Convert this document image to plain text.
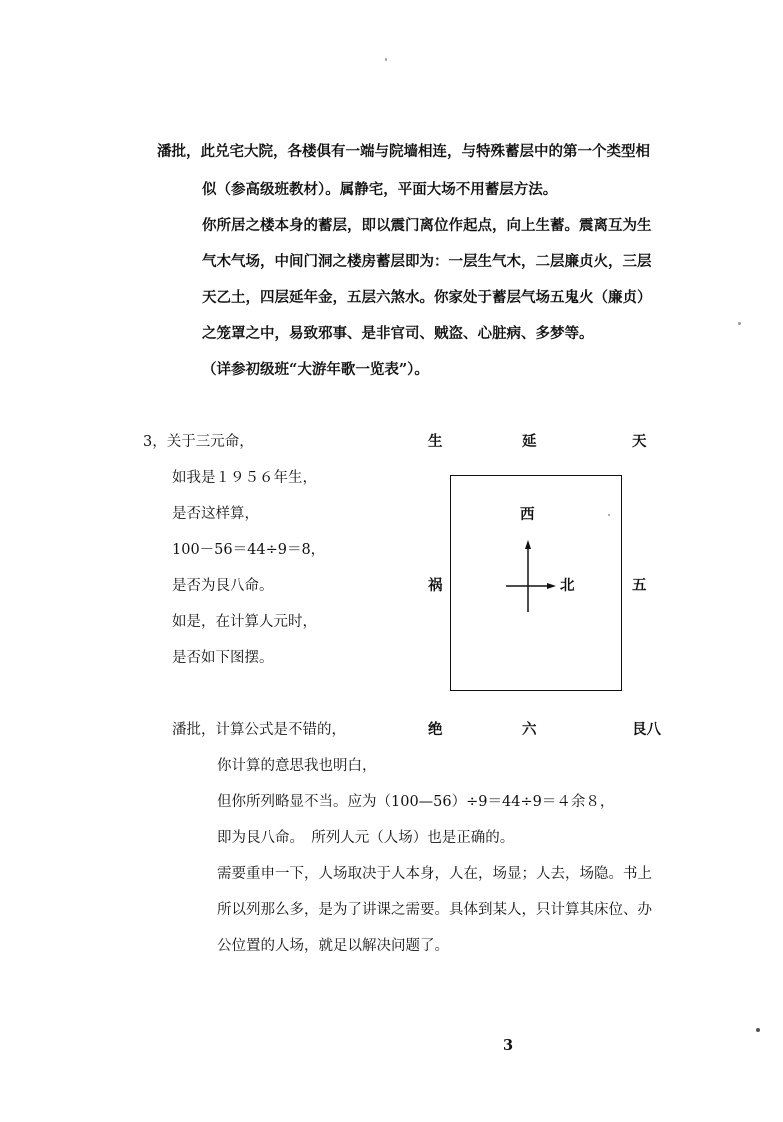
潘批，此兑宅大院，各楼俱有一端与院墙相连，与特殊蓄层中的第一个类型相
似（参高级班教材）。属静宅，平面大场不用蓄层方法。
你所居之楼本身的蓄层，即以震门离位作起点，向上生蓄。震离互为生
气木气场，中间门洞之楼房蓄层即为：一层生气木，二层廉贞火，三层
天乙土，四层延年金，五层六煞水。你家处于蓄层气场五鬼火（廉贞）
之笼罩之中，易致邪事、是非官司、贼盗、心脏病、多梦等。
（详参初级班“大游年歌一览表”）。
3，关于三元命，
如我是１９５６年生，
是否这样算，
100－56＝44÷9＝8，
是否为艮八命。
如是，在计算人元时，
是否如下图摆。
生	延	天
西
北
祸	五
绝	六	艮八
潘批，计算公式是不错的，
你计算的意思我也明白，
但你所列略显不当。应为（100—56）÷9＝44÷9＝４余８，
即为艮八命。　所列人元（人场）也是正确的。
需要重申一下，人场取决于人本身，人在，场显；人去，场隐。书上
所以列那么多，是为了讲课之需要。具体到某人，只计算其床位、办
公位置的人场，就足以解决问题了。
3
